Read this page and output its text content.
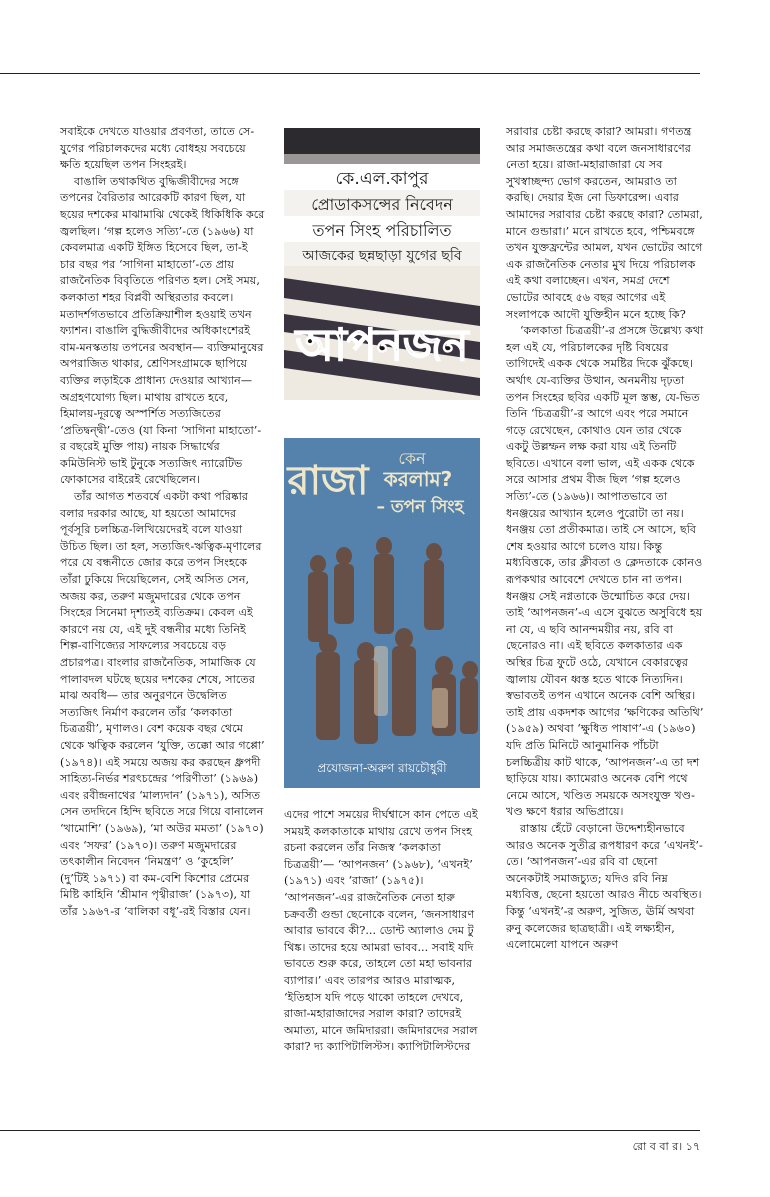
সবাইকে দেখতে যাওয়ার প্রবণতা, তাতে সে-যুগের পরিচালকদের মধ্যে বোধহয় সবচেয়ে ক্ষতি হয়েছিল তপন সিংহরই।

বাঙালি তথাকথিত বুদ্ধিজীবীদের সঙ্গে তপনের বৈরিতার আরেকটি কারণ ছিল, যা ছয়ের দশকের মাঝামাঝি থেকেই ধিকিধিকি করে জ্বলছিল। ‘গল্প হলেও সত্যি’-তে (১৯৬৬) যা কেবলমাত্র একটি ইঙ্গিত হিসেবে ছিল, তা-ই চার বছর পর ‘সাগিনা মাহাতো’-তে প্রায় রাজনৈতিক বিবৃতিতে পরিণত হল। সেই সময়, কলকাতা শহর বিপ্লবী অস্থিরতার কবলে। মতাদর্শগতভাবে প্রতিক্রিয়াশীল হওয়াই তখন ফ্যাশন। বাঙালি বুদ্ধিজীবীদের অধিকাংশেরই বাম-মনস্কতায় তপনের অবস্থান— ব্যক্তিমানুষের অপরাজিত থাকার, শ্রেণিসংগ্রামকে ছাপিয়ে ব্যক্তির লড়াইকে প্রাধান্য দেওয়ার আখ্যান— অগ্রহণযোগ্য ছিল। মাথায় রাখতে হবে, হিমালয়-দূরত্বে অস্পর্শিত সত্যজিতের ‘প্রতিদ্বন্দ্বী’-তেও (যা কিনা ‘সাগিনা মাহাতো’-র বছরেই মুক্তি পায়) নায়ক সিদ্ধার্থের কমিউনিস্ট ভাই টুনুকে সত্যজিৎ ন্যারেটিভ ফোকাসের বাইরেই রেখেছিলেন।

তাঁর আগত শতবর্ষে একটা কথা পরিষ্কার বলার দরকার আছে, যা হয়তো আমাদের পূর্বসূরি চলচ্চিত্র-লিখিয়েদেরই বলে যাওয়া উচিত ছিল। তা হল, সত্যজিৎ-ঋত্বিক-মৃণালের পরে যে বন্ধনীতে জোর করে তপন সিংহকে তাঁরা ঢুকিয়ে দিয়েছিলেন, সেই অসিত সেন, অজয় কর, তরুণ মজুমদারের থেকে তপন সিংহের সিনেমা দৃশ্যতই ব্যতিক্রম। কেবল এই কারণে নয় যে, এই দুই বন্ধনীর মধ্যে তিনিই শিল্প-বাণিজ্যের সাফল্যের সবচেয়ে বড় প্রচারপত্র। বাংলার রাজনৈতিক, সামাজিক যে পালাবদল ঘটছে ছয়ের দশকের শেষে, সাতের মাঝ অবধি— তার অনুরণনে উদ্বেলিত সত্যজিৎ নির্মাণ করলেন তাঁর ‘কলকাতা চিত্রত্রয়ী’, মৃণালও। বেশ কয়েক বছর থেমে থেকে ঋত্বিক করলেন ‘যুক্তি, তক্কো আর গপ্পো’ (১৯৭৪)। এই সময়ে অজয় কর করছেন ধ্রুপদী সাহিত্য-নির্ভর শরৎচন্দ্রের ‘পরিণীতা’ (১৯৬৯) এবং রবীন্দ্রনাথের ‘মাল্যদান’ (১৯৭১), অসিত সেন তদদিনে হিন্দি ছবিতে সরে গিয়ে বানালেন ‘খামোশি’ (১৯৬৯), ‘মা অউর মমতা’ (১৯৭০) এবং ‘সফর’ (১৯৭০)। তরুণ মজুমদারের তৎকালীন নিবেদন ‘নিমন্ত্রণ’ ও ‘কুহেলি’ (দু’টিই ১৯৭১) বা কম-বেশি কিশোর প্রেমের মিষ্টি কাহিনি ‘শ্রীমান পৃথ্বীরাজ’ (১৯৭৩), যা তাঁর ১৯৬৭-র ‘বালিকা বধূ’-রই বিস্তার যেন।

কে.এল.কাপুর
প্রোডাকসন্সের নিবেদন
তপন সিংহ পরিচালিত
আজকের ছন্নছাড়া যুগের ছবি
আপনজন
রাজা কেন
করলাম?
– তপন সিংহ
প্রযোজনা-অরুণ রায়চৌধুরী

এদের পাশে সময়ের দীর্ঘশ্বাসে কান পেতে এই সময়ই কলকাতাকে মাথায় রেখে তপন সিংহ রচনা করলেন তাঁর নিজস্ব ‘কলকাতা চিত্রত্রয়ী’— ‘আপনজন’ (১৯৬৮), ‘এখনই’ (১৯৭১) এবং ‘রাজা’ (১৯৭৫)। ‘আপনজন’-এর রাজনৈতিক নেতা হারু চক্রবর্তী গুন্ডা ছেনোকে বলেন, ‘জনসাধারণ আবার ভাববে কী?... ডোন্ট অ্যালাও দেম টু থিঙ্ক। তাদের হয়ে আমরা ভাবব... সবাই যদি ভাবতে শুরু করে, তাহলে তো মহা ভাবনার ব্যাপার।’ এবং তারপর আরও মারাত্মক, ‘ইতিহাস যদি পড়ে থাকো তাহলে দেখবে, রাজা-মহারাজাদের সরাল কারা? তাদেরই অমাত্য, মানে জমিদাররা। জমিদারদের সরাল কারা? দ্য ক্যাপিটালিস্টস। ক্যাপিটালিস্টদের

সরাবার চেষ্টা করছে কারা? আমরা। গণতন্ত্র আর সমাজতন্ত্রের কথা বলে জনসাধারণের নেতা হয়ে। রাজা-মহারাজারা যে সব সুখস্বাচ্ছন্দ্য ভোগ করতেন, আমরাও তা করছি। দেয়ার ইজ নো ডিফারেন্স। এবার আমাদের সরাবার চেষ্টা করছে কারা? তোমরা, মানে গুন্ডারা।’ মনে রাখতে হবে, পশ্চিমবঙ্গে তখন যুক্তফ্রন্টের আমল, যখন ভোটের আগে এক রাজনৈতিক নেতার মুখ দিয়ে পরিচালক এই কথা বলাচ্ছেন। এখন, সমগ্র দেশে ভোটের আবহে ৫৬ বছর আগের এই সংলাপকে আদৌ যুক্তিহীন মনে হচ্ছে কি?

‘কলকাতা চিত্রত্রয়ী’-র প্রসঙ্গে উল্লেখ্য কথা হল এই যে, পরিচালকের দৃষ্টি বিষয়ের তাগিদেই একক থেকে সমষ্টির দিকে ঝুঁকছে। অর্থাৎ যে-ব্যক্তির উত্থান, অনমনীয় দৃঢ়তা তপন সিংহের ছবির একটি মূল স্তম্ভ, যে-ভিত তিনি ‘চিত্রত্রয়ী’-র আগে এবং পরে সমানে গড়ে রেখেছেন, কোথাও যেন তার থেকে একটু উল্লম্ফন লক্ষ করা যায় এই তিনটি ছবিতে। এখানে বলা ভাল, এই একক থেকে সরে আসার প্রথম বীজ ছিল ‘গল্প হলেও সত্যি’-তে (১৯৬৬)। আপাতভাবে তা ধনঞ্জয়ের আখ্যান হলেও পুরোটা তা নয়। ধনঞ্জয় তো প্রতীকমাত্র। তাই সে আসে, ছবি শেষ হওয়ার আগে চলেও যায়। কিন্তু মধ্যবিত্তকে, তার ক্লীবতা ও ক্লেদতাকে কোনও রূপকথার আবেশে দেখতে চান না তপন। ধনঞ্জয় সেই নগ্নতাকে উন্মোচিত করে দেয়। তাই ‘আপনজন’-এ এসে বুঝতে অসুবিধে হয় না যে, এ ছবি আনন্দময়ীর নয়, রবি বা ছেনোরও না। এই ছবিতে কলকাতার এক অস্থির চিত্র ফুটে ওঠে, যেখানে বেকারত্বের জ্বালায় যৌবন ধ্বস্ত হতে থাকে নিত্যদিন। স্বভাবতই তপন এখানে অনেক বেশি অস্থির। তাই প্রায় একদশক আগের ‘ক্ষণিকের অতিথি’ (১৯৫৯) অথবা ‘ক্ষুধিত পাষাণ’-এ (১৯৬০) যদি প্রতি মিনিটে আনুমানিক পাঁচটা চলচ্চিত্রীয় কাট থাকে, ‘আপনজন’-এ তা দশ ছাড়িয়ে যায়। ক্যামেরাও অনেক বেশি পথে নেমে আসে, খণ্ডিত সময়কে অসংযুক্ত খণ্ড-খণ্ড ক্ষণে ধরার অভিপ্রায়ে।

রাস্তায় হেঁটে বেড়ানো উদ্দেশ্যহীনভাবে আরও অনেক সুতীব্র রূপধারণ করে ‘এখনই’-তে। ‘আপনজন’-এর রবি বা ছেনো অনেকটাই সমাজচ্যুত; যদিও রবি নিম্ন মধ্যবিত্ত, ছেনো হয়তো আরও নীচে অবস্থিত। কিন্তু ‘এখনই’-র অরুণ, সুজিত, ঊর্মি অথবা রুনু কলেজের ছাত্রছাত্রী। এই লক্ষ্যহীন, এলোমেলো যাপনে অরুণ

রো ব বা র। ১৭
